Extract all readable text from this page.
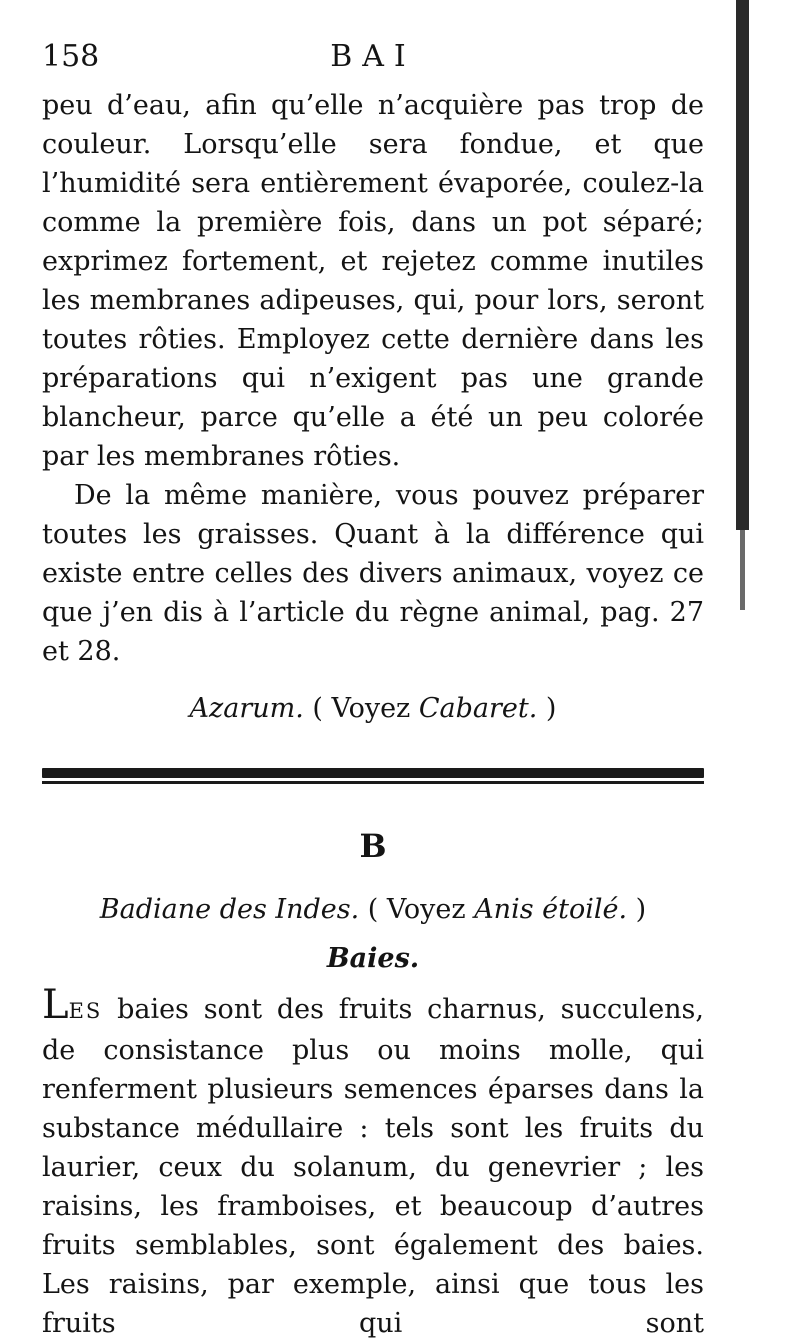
158	BAI

peu d’eau, afin qu’elle n’acquière pas trop de couleur. Lorsqu’elle sera fondue, et que l’humidité sera entièrement évaporée, coulez-la comme la première fois, dans un pot séparé; exprimez fortement, et rejetez comme inutiles les membranes adipeuses, qui, pour lors, seront toutes rôties. Employez cette dernière dans les préparations qui n’exigent pas une grande blancheur, parce qu’elle a été un peu colorée par les membranes rôties.

De la même manière, vous pouvez préparer toutes les graisses. Quant à la différence qui existe entre celles des divers animaux, voyez ce que j’en dis à l’article du règne animal, pag. 27 et 28.

Azarum. ( Voyez Cabaret. )

B

Badiane des Indes. ( Voyez Anis étoilé. )

Baies.

LES baies sont des fruits charnus, succulens, de consistance plus ou moins molle, qui renferment plusieurs semences éparses dans la substance médullaire : tels sont les fruits du laurier, ceux du solanum, du genevrier ; les raisins, les framboises, et beaucoup d’autres fruits semblables, sont également des baies. Les raisins, par exemple, ainsi que tous les fruits qui sont
